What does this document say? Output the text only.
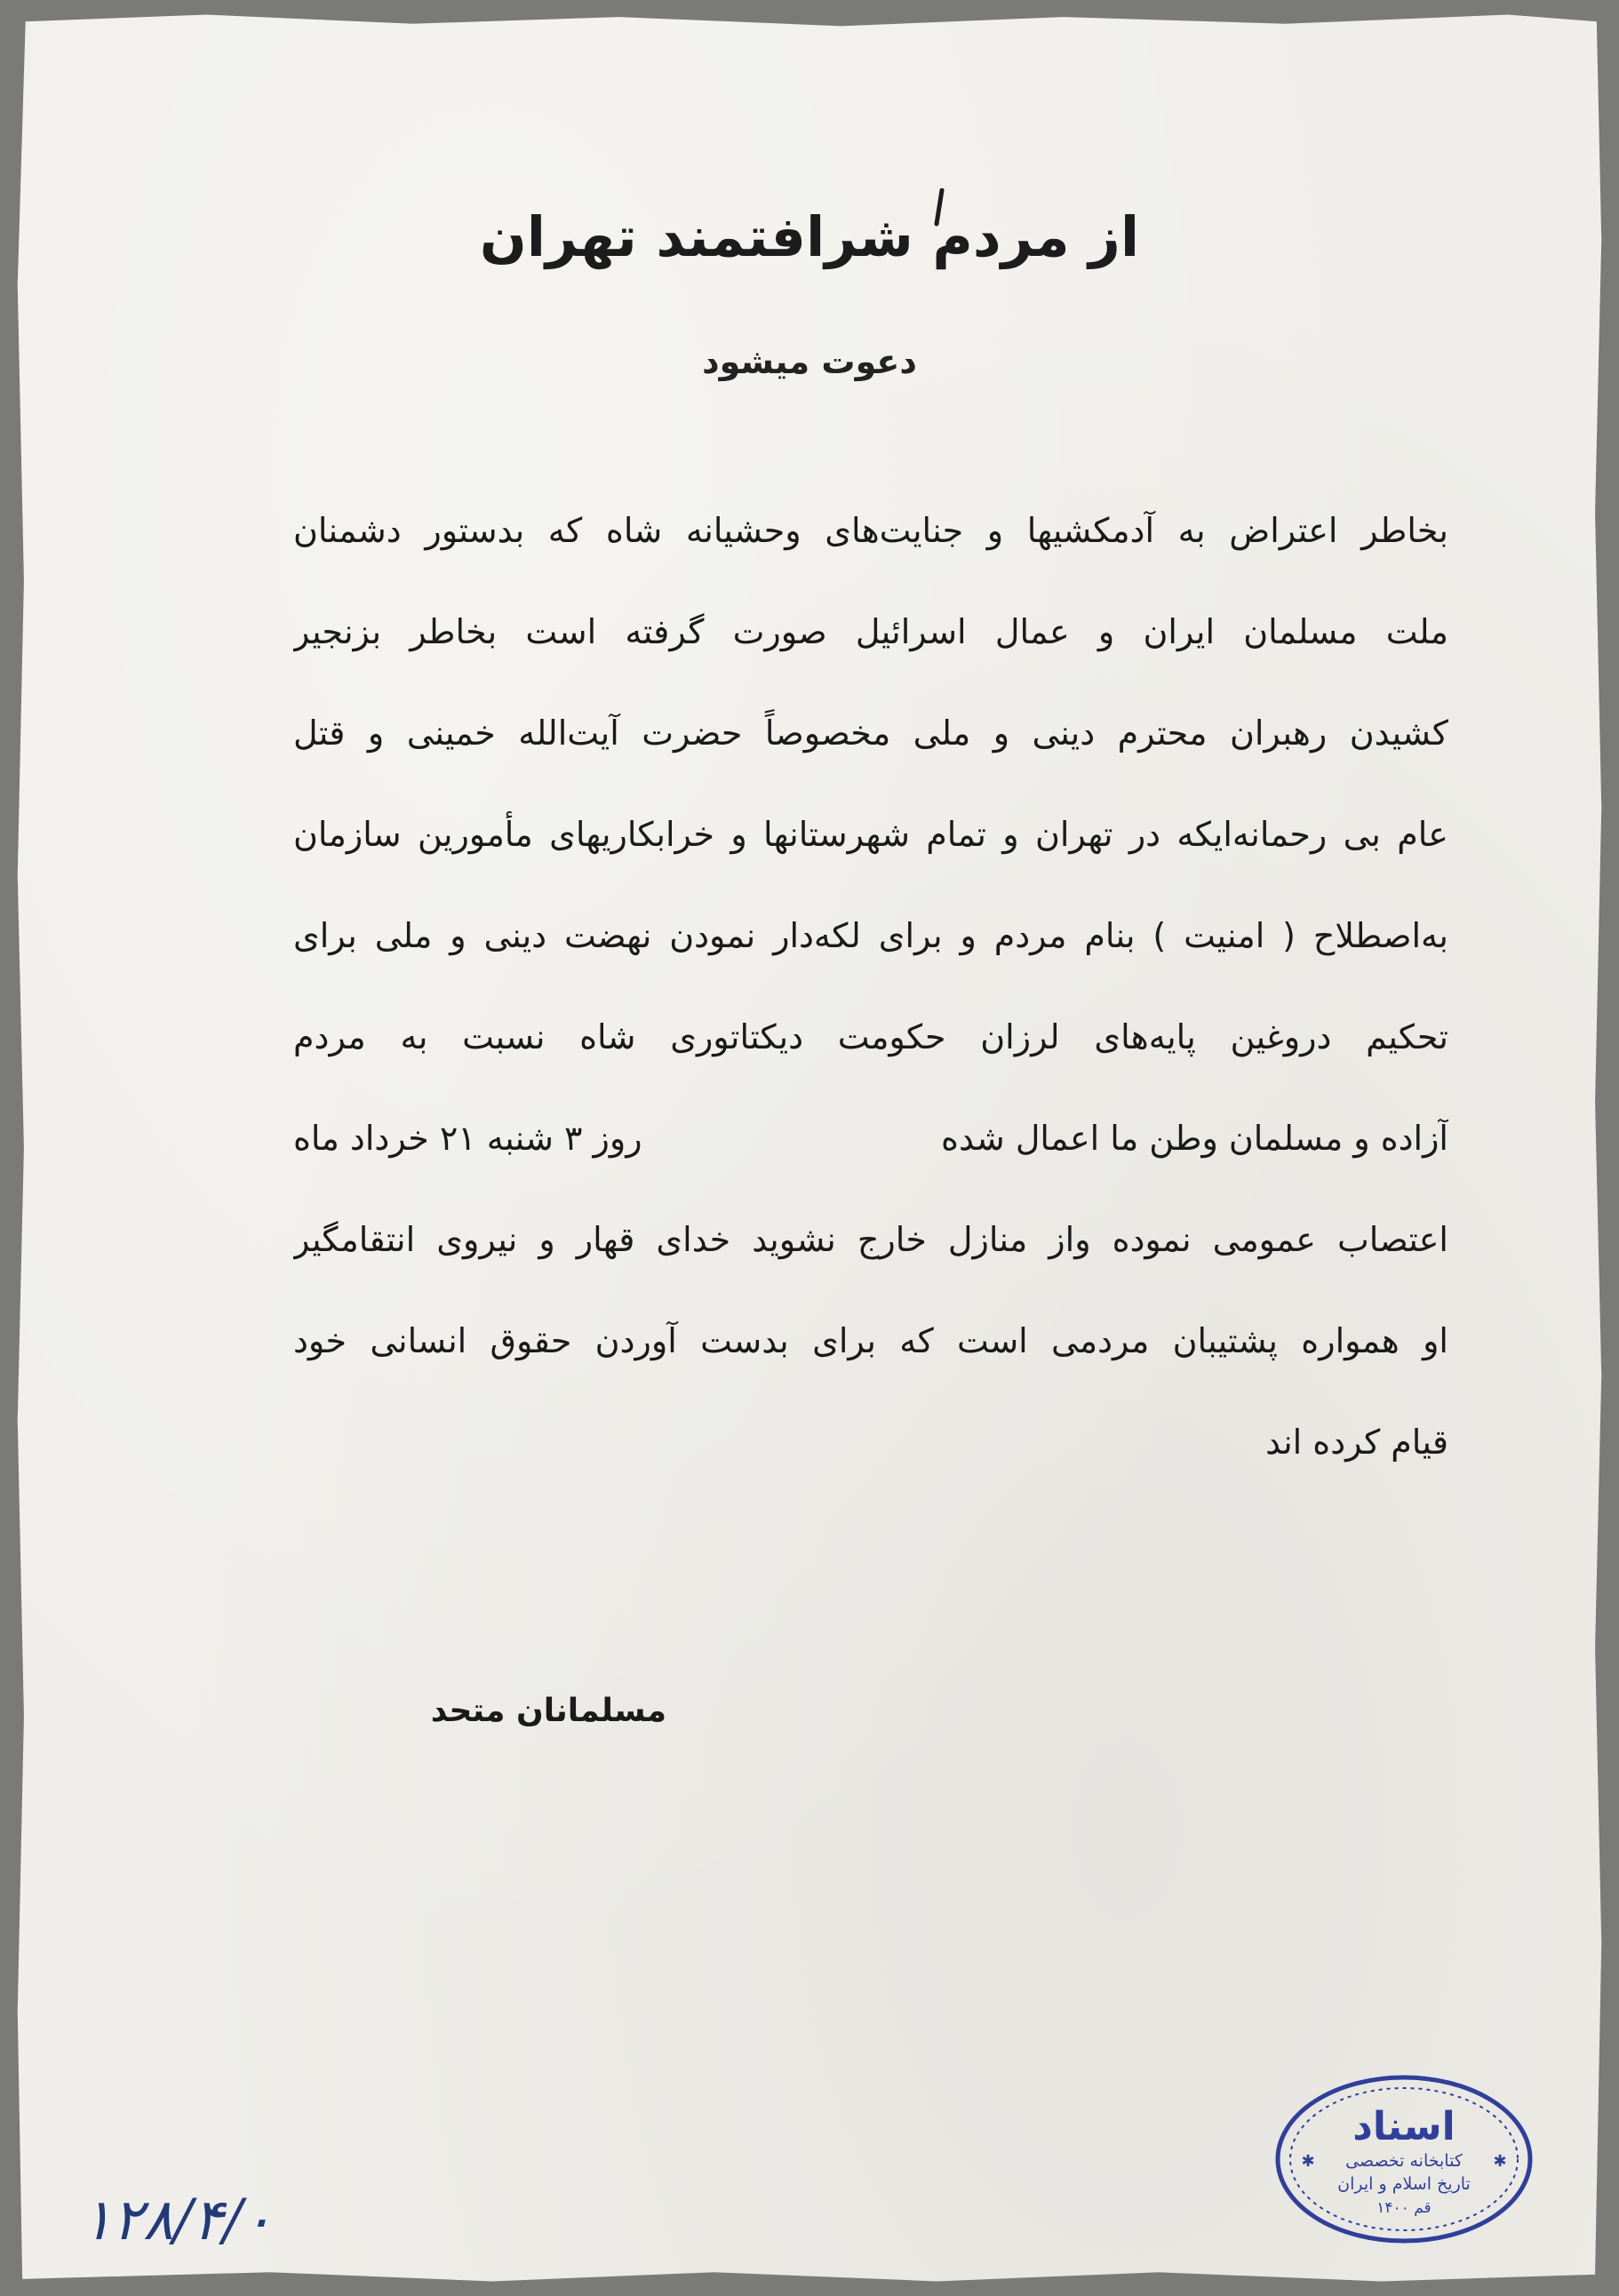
از مردم شرافتمند تهران
دعوت میشود
بخاطر اعتراض به آدمکشیها و جنایت‌های وحشیانه شاه که بدستور دشمنان
ملت مسلمان ایران و عمال اسرائیل صورت گرفته است بخاطر بزنجیر
کشیدن رهبران محترم دینی و ملی مخصوصاً حضرت آیت‌الله خمینی و قتل
عام بی رحمانه‌ایکه در تهران و تمام شهرستانها و خرابکاریهای مأمورین سازمان
به‌اصطلاح ( امنیت ) بنام مردم و برای لکه‌دار نمودن نهضت دینی و ملی برای
تحکیم دروغین پایه‌های لرزان حکومت دیکتاتوری شاه نسبت به مردم
آزاده و مسلمان وطن ما اعمال شده
روز ۳ شنبه ۲۱ خرداد ماه
اعتصاب عمومی نموده واز منازل خارج نشوید خدای قهار و نیروی انتقامگیر
او همواره پشتیبان مردمی است که برای بدست آوردن حقوق انسانی خود
قیام کرده اند
مسلمانان متحد
اسناد
کتابخانه تخصصی
تاریخ اسلام و ایران
قم ۱۴۰۰
✱	✱
۱۲۸/۴/۰
